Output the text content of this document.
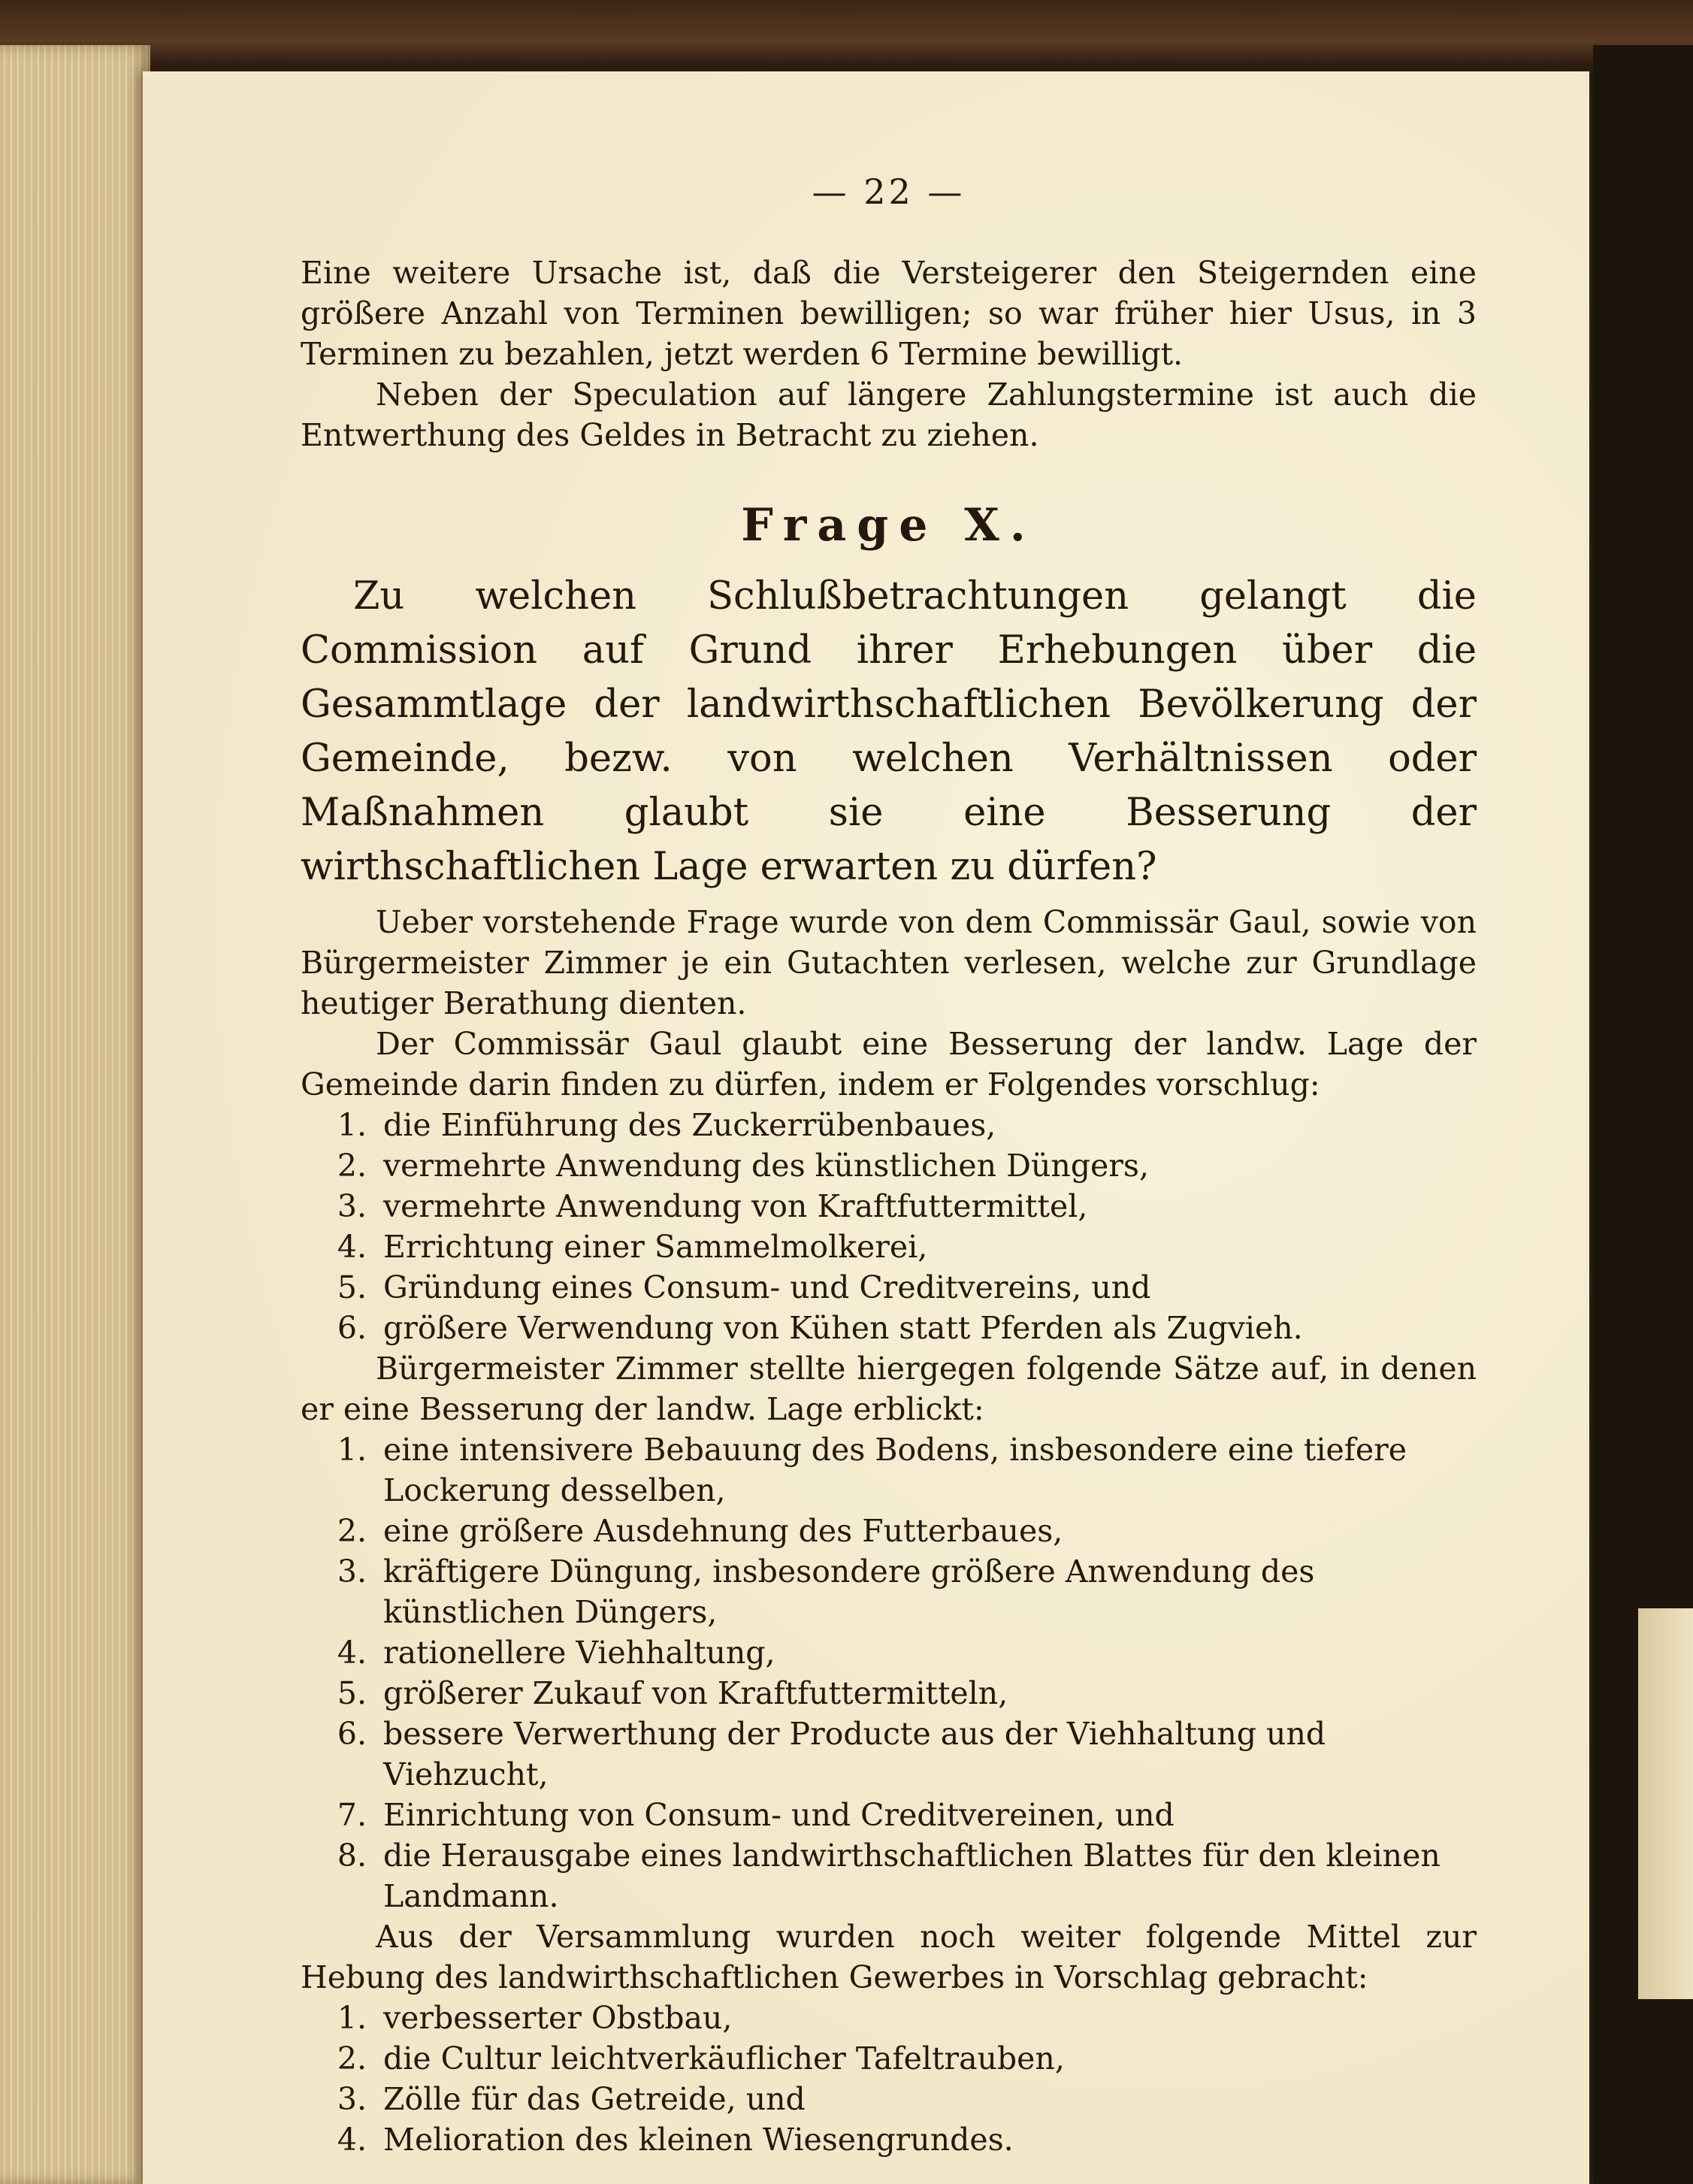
— 22 —

Eine weitere Ursache ist, daß die Versteigerer den Steigernden eine größere Anzahl von Terminen bewilligen; so war früher hier Usus, in 3 Terminen zu bezahlen, jetzt werden 6 Termine bewilligt.

Neben der Speculation auf längere Zahlungstermine ist auch die Entwerthung des Geldes in Betracht zu ziehen.

Frage X.

Zu welchen Schlußbetrachtungen gelangt die Commission auf Grund ihrer Erhebungen über die Gesammtlage der landwirthschaftlichen Bevölkerung der Gemeinde, bezw. von welchen Verhältnissen oder Maßnahmen glaubt sie eine Besserung der wirthschaftlichen Lage erwarten zu dürfen?

Ueber vorstehende Frage wurde von dem Commissär Gaul, sowie von Bürgermeister Zimmer je ein Gutachten verlesen, welche zur Grundlage heutiger Berathung dienten.

Der Commissär Gaul glaubt eine Besserung der landw. Lage der Gemeinde darin finden zu dürfen, indem er Folgendes vorschlug:

1. die Einführung des Zuckerrübenbaues,
2. vermehrte Anwendung des künstlichen Düngers,
3. vermehrte Anwendung von Kraftfuttermittel,
4. Errichtung einer Sammelmolkerei,
5. Gründung eines Consum- und Creditvereins, und
6. größere Verwendung von Kühen statt Pferden als Zugvieh.

Bürgermeister Zimmer stellte hiergegen folgende Sätze auf, in denen er eine Besserung der landw. Lage erblickt:

1. eine intensivere Bebauung des Bodens, insbesondere eine tiefere Lockerung desselben,
2. eine größere Ausdehnung des Futterbaues,
3. kräftigere Düngung, insbesondere größere Anwendung des künstlichen Düngers,
4. rationellere Viehhaltung,
5. größerer Zukauf von Kraftfuttermitteln,
6. bessere Verwerthung der Producte aus der Viehhaltung und Viehzucht,
7. Einrichtung von Consum- und Creditvereinen, und
8. die Herausgabe eines landwirthschaftlichen Blattes für den kleinen Landmann.

Aus der Versammlung wurden noch weiter folgende Mittel zur Hebung des landwirthschaftlichen Gewerbes in Vorschlag gebracht:

1. verbesserter Obstbau,
2. die Cultur leichtverkäuflicher Tafeltrauben,
3. Zölle für das Getreide, und
4. Melioration des kleinen Wiesengrundes.
